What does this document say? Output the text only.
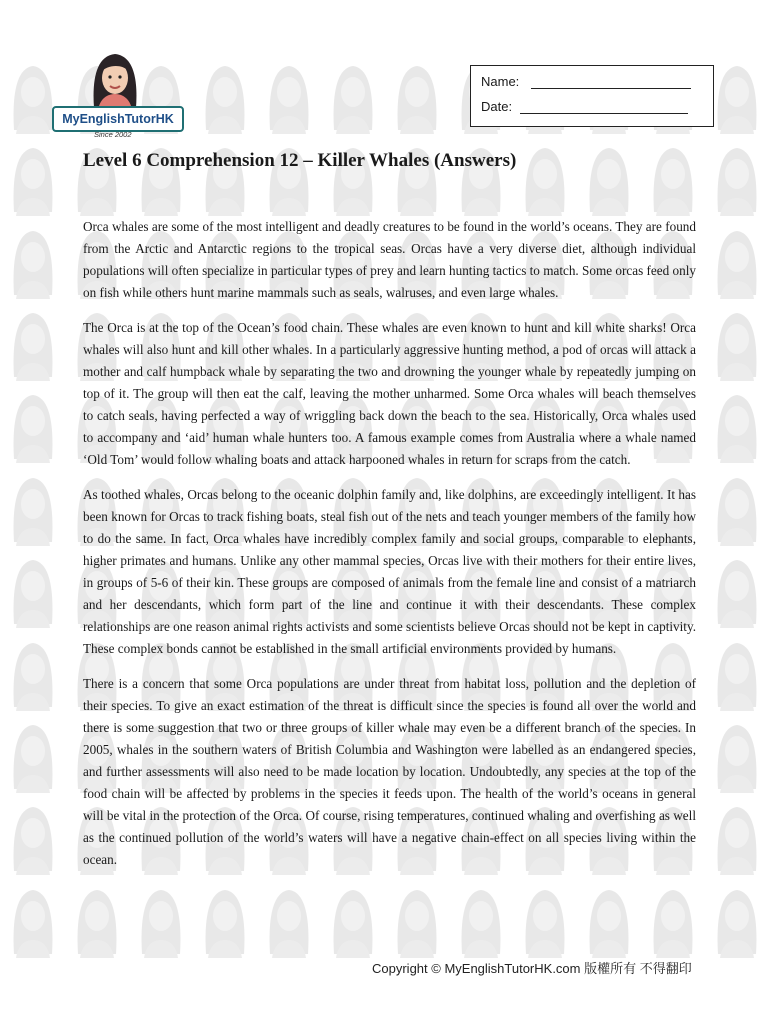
MyEnglishTutorHK
Since 2002
Name:
Date:
Level 6 Comprehension 12 – Killer Whales (Answers)

Orca whales are some of the most intelligent and deadly creatures to be found in the world’s oceans. They are found from the Arctic and Antarctic regions to the tropical seas. Orcas have a very diverse diet, although individual populations will often specialize in particular types of prey and learn hunting tactics to match. Some orcas feed only on fish while others hunt marine mammals such as seals, walruses, and even large whales.

The Orca is at the top of the Ocean’s food chain. These whales are even known to hunt and kill white sharks! Orca whales will also hunt and kill other whales. In a particularly aggressive hunting method, a pod of orcas will attack a mother and calf humpback whale by separating the two and drowning the younger whale by repeatedly jumping on top of it. The group will then eat the calf, leaving the mother unharmed. Some Orca whales will beach themselves to catch seals, having perfected a way of wriggling back down the beach to the sea. Historically, Orca whales used to accompany and ‘aid’ human whale hunters too. A famous example comes from Australia where a whale named ‘Old Tom’ would follow whaling boats and attack harpooned whales in return for scraps from the catch.

As toothed whales, Orcas belong to the oceanic dolphin family and, like dolphins, are exceedingly intelligent. It has been known for Orcas to track fishing boats, steal fish out of the nets and teach younger members of the family how to do the same. In fact, Orca whales have incredibly complex family and social groups, comparable to elephants, higher primates and humans. Unlike any other mammal species, Orcas live with their mothers for their entire lives, in groups of 5-6 of their kin. These groups are composed of animals from the female line and consist of a matriarch and her descendants, which form part of the line and continue it with their descendants. These complex relationships are one reason animal rights activists and some scientists believe Orcas should not be kept in captivity. These complex bonds cannot be established in the small artificial environments provided by humans.

There is a concern that some Orca populations are under threat from habitat loss, pollution and the depletion of their species. To give an exact estimation of the threat is difficult since the species is found all over the world and there is some suggestion that two or three groups of killer whale may even be a different branch of the species. In 2005, whales in the southern waters of British Columbia and Washington were labelled as an endangered species, and further assessments will also need to be made location by location. Undoubtedly, any species at the top of the food chain will be affected by problems in the species it feeds upon. The health of the world’s oceans in general will be vital in the protection of the Orca. Of course, rising temperatures, continued whaling and overfishing as well as the continued pollution of the world’s waters will have a negative chain-effect on all species living within the ocean.

Copyright © MyEnglishTutorHK.com 版權所有 不得翻印
